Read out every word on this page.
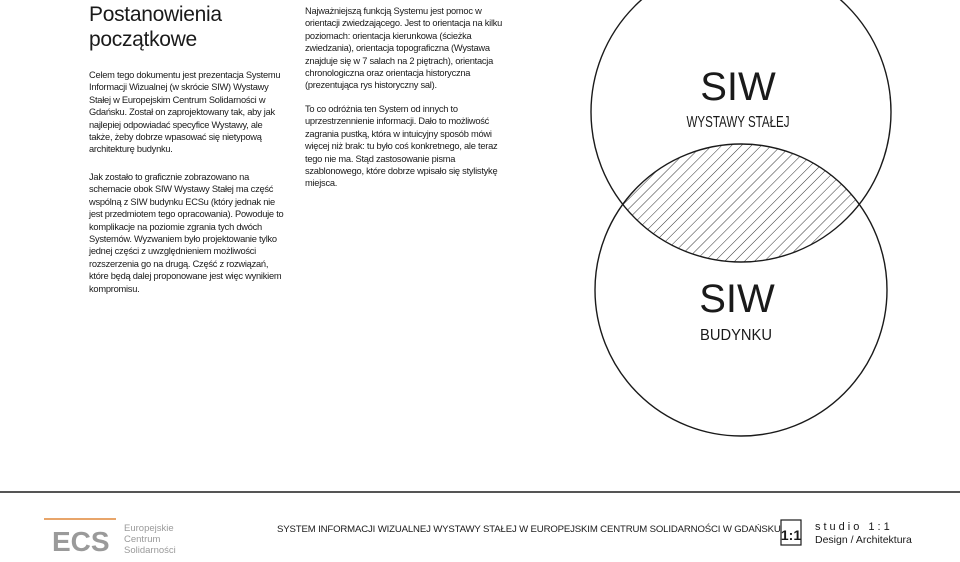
Postanowienia
początkowe

Celem tego dokumentu jest prezentacja Systemu Informacji Wizualnej (w skrócie SIW) Wystawy Stałej w Europejskim Centrum Solidarności w Gdańsku. Został on zaprojektowany tak, aby jak najlepiej odpowiadać specyfice Wystawy, ale także, żeby dobrze wpasować się nietypową architekturę budynku.

Jak zostało to graficznie zobrazowano na schemacie obok SIW Wystawy Stałej ma część wspólną z SIW budynku ECSu (który jednak nie jest przedmiotem tego opracowania). Powoduje to komplikacje na poziomie zgrania tych dwóch Systemów. Wyzwaniem było projektowanie tylko jednej części z uwzględnieniem możliwości rozszerzenia go na drugą. Część z rozwiązań, które będą dalej proponowane jest więc wynikiem kompromisu.

Najważniejszą funkcją Systemu jest pomoc w orientacji zwiedzającego. Jest to orientacja na kilku poziomach: orientacja kierunkowa (ścieżka zwiedzania), orientacja topograficzna (Wystawa znajduje się w 7 salach na 2 piętrach), orientacja chronologiczna oraz orientacja historyczna (prezentująca rys historyczny sal).

To co odróżnia ten System od innych to uprzestrzennienie informacji. Dało to możliwość zagrania pustką, która w intuicyjny sposób mówi więcej niż brak: tu było coś konkretnego, ale teraz tego nie ma. Stąd zastosowanie pisma szablonowego, które dobrze wpisało się stylistykę miejsca.

SIW
WYSTAWY STAŁEJ
SIW
BUDYNKU
ECS Europejskie
Centrum
Solidarności
SYSTEM INFORMACJI WIZUALNEJ WYSTAWY STAŁEJ W EUROPEJSKIM CENTRUM SOLIDARNOŚCI W GDAŃSKU 1:1 studio 1:1
Design / Architektura
